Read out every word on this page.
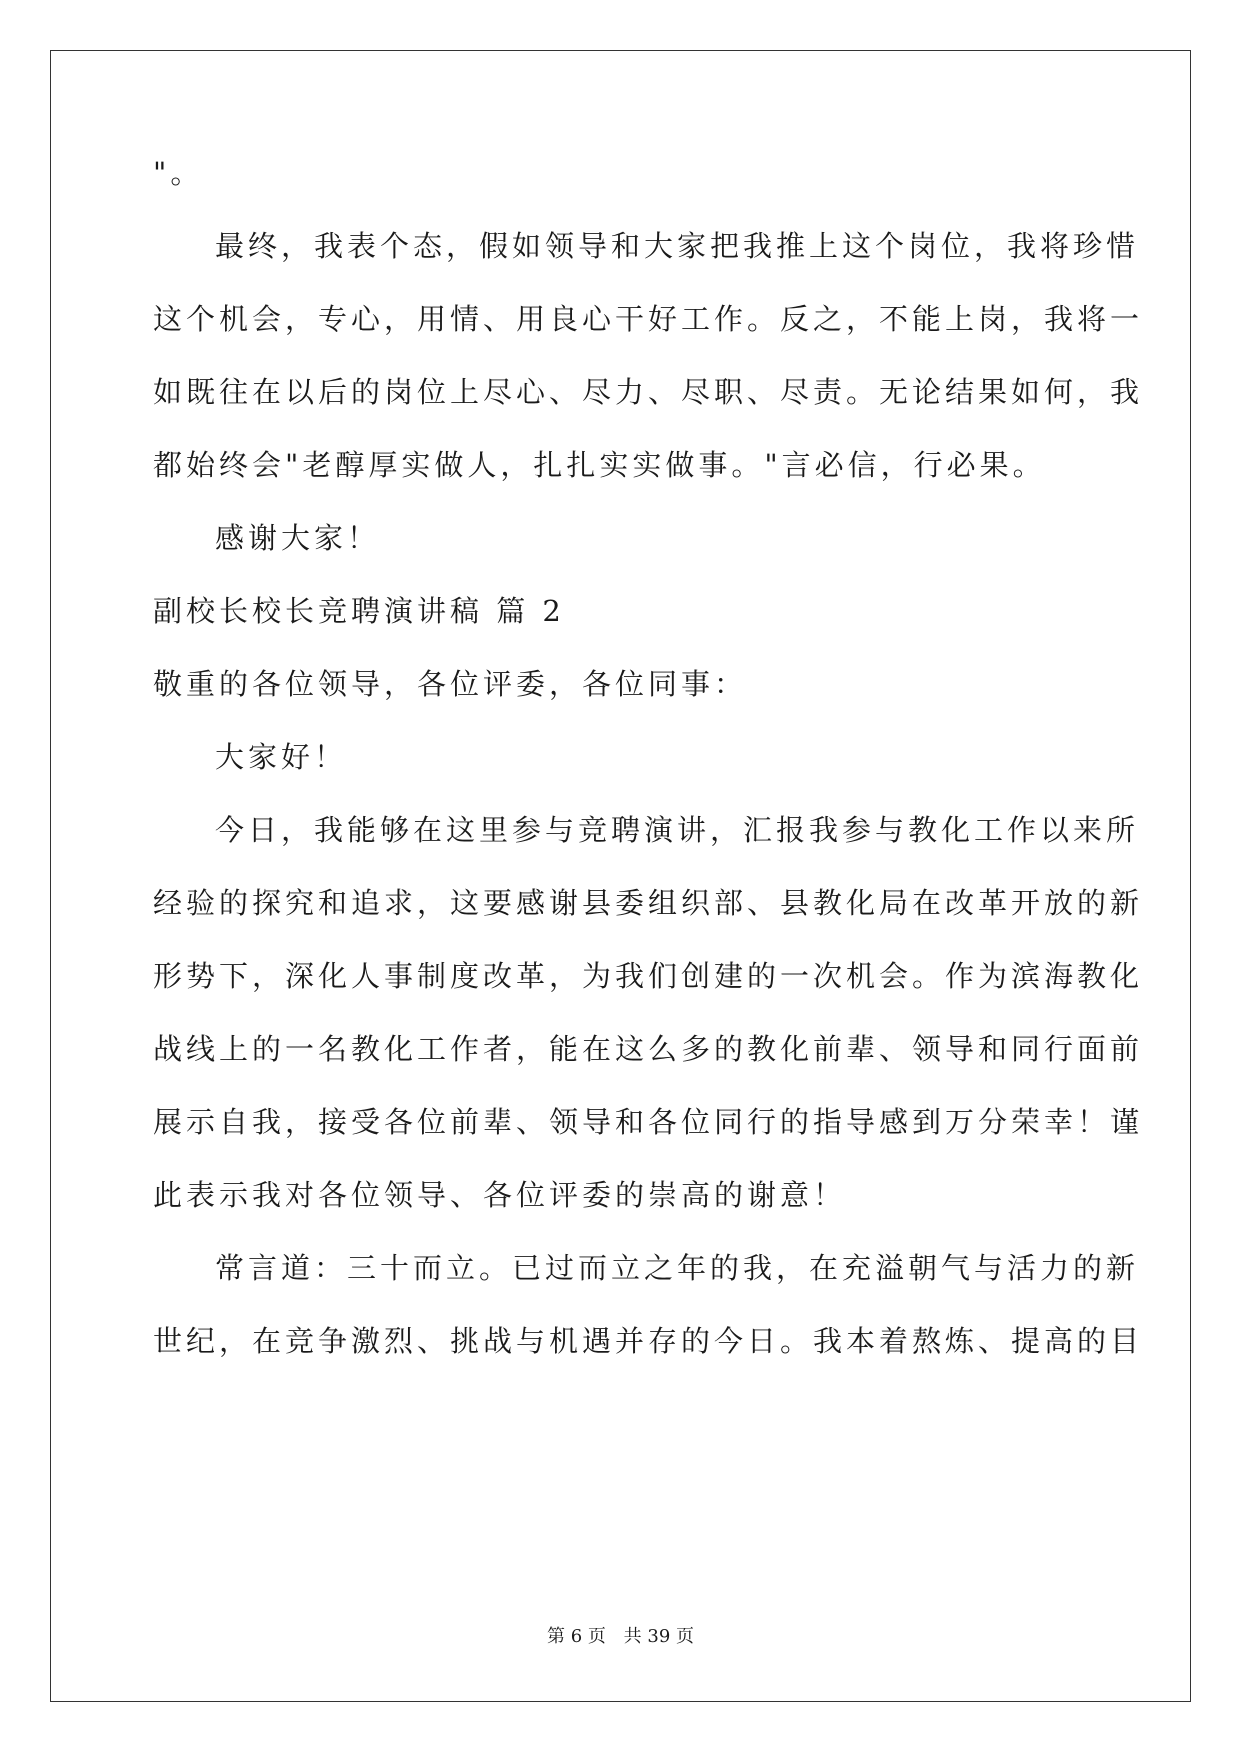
"。
最终，我表个态，假如领导和大家把我推上这个岗位，我将珍惜
这个机会，专心，用情、用良心干好工作。反之，不能上岗，我将一
如既往在以后的岗位上尽心、尽力、尽职、尽责。无论结果如何，我
都始终会"老醇厚实做人，扎扎实实做事。"言必信，行必果。
感谢大家！
副校长校长竞聘演讲稿 篇 2
敬重的各位领导，各位评委，各位同事：
大家好！
今日，我能够在这里参与竞聘演讲，汇报我参与教化工作以来所
经验的探究和追求，这要感谢县委组织部、县教化局在改革开放的新
形势下，深化人事制度改革，为我们创建的一次机会。作为滨海教化
战线上的一名教化工作者，能在这么多的教化前辈、领导和同行面前
展示自我，接受各位前辈、领导和各位同行的指导感到万分荣幸！谨
此表示我对各位领导、各位评委的崇高的谢意！
常言道：三十而立。已过而立之年的我，在充溢朝气与活力的新
世纪，在竞争激烈、挑战与机遇并存的今日。我本着熬炼、提高的目
第 6 页 共 39 页
